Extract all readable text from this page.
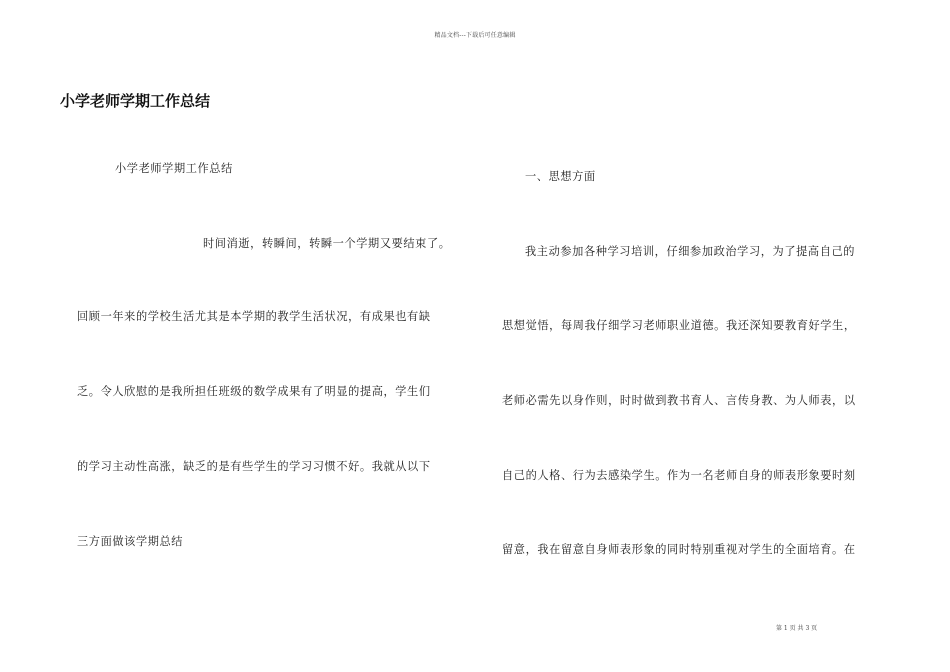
精品文档---下载后可任意编辑
小学老师学期工作总结
小学老师学期工作总结
时间消逝，转瞬间，转瞬一个学期又要结束了。
回顾一年来的学校生活尤其是本学期的教学生活状况，有成果也有缺
乏。令人欣慰的是我所担任班级的数学成果有了明显的提高，学生们
的学习主动性高涨，缺乏的是有些学生的学习习惯不好。我就从以下
三方面做该学期总结
一、思想方面
我主动参加各种学习培训，仔细参加政治学习，为了提高自己的
思想觉悟，每周我仔细学习老师职业道德。我还深知要教育好学生，
老师必需先以身作则，时时做到教书育人、言传身教、为人师表，以
自己的人格、行为去感染学生。作为一名老师自身的师表形象要时刻
留意，我在留意自身师表形象的同时特别重视对学生的全面培育。在
第 1 页 共 3 页
